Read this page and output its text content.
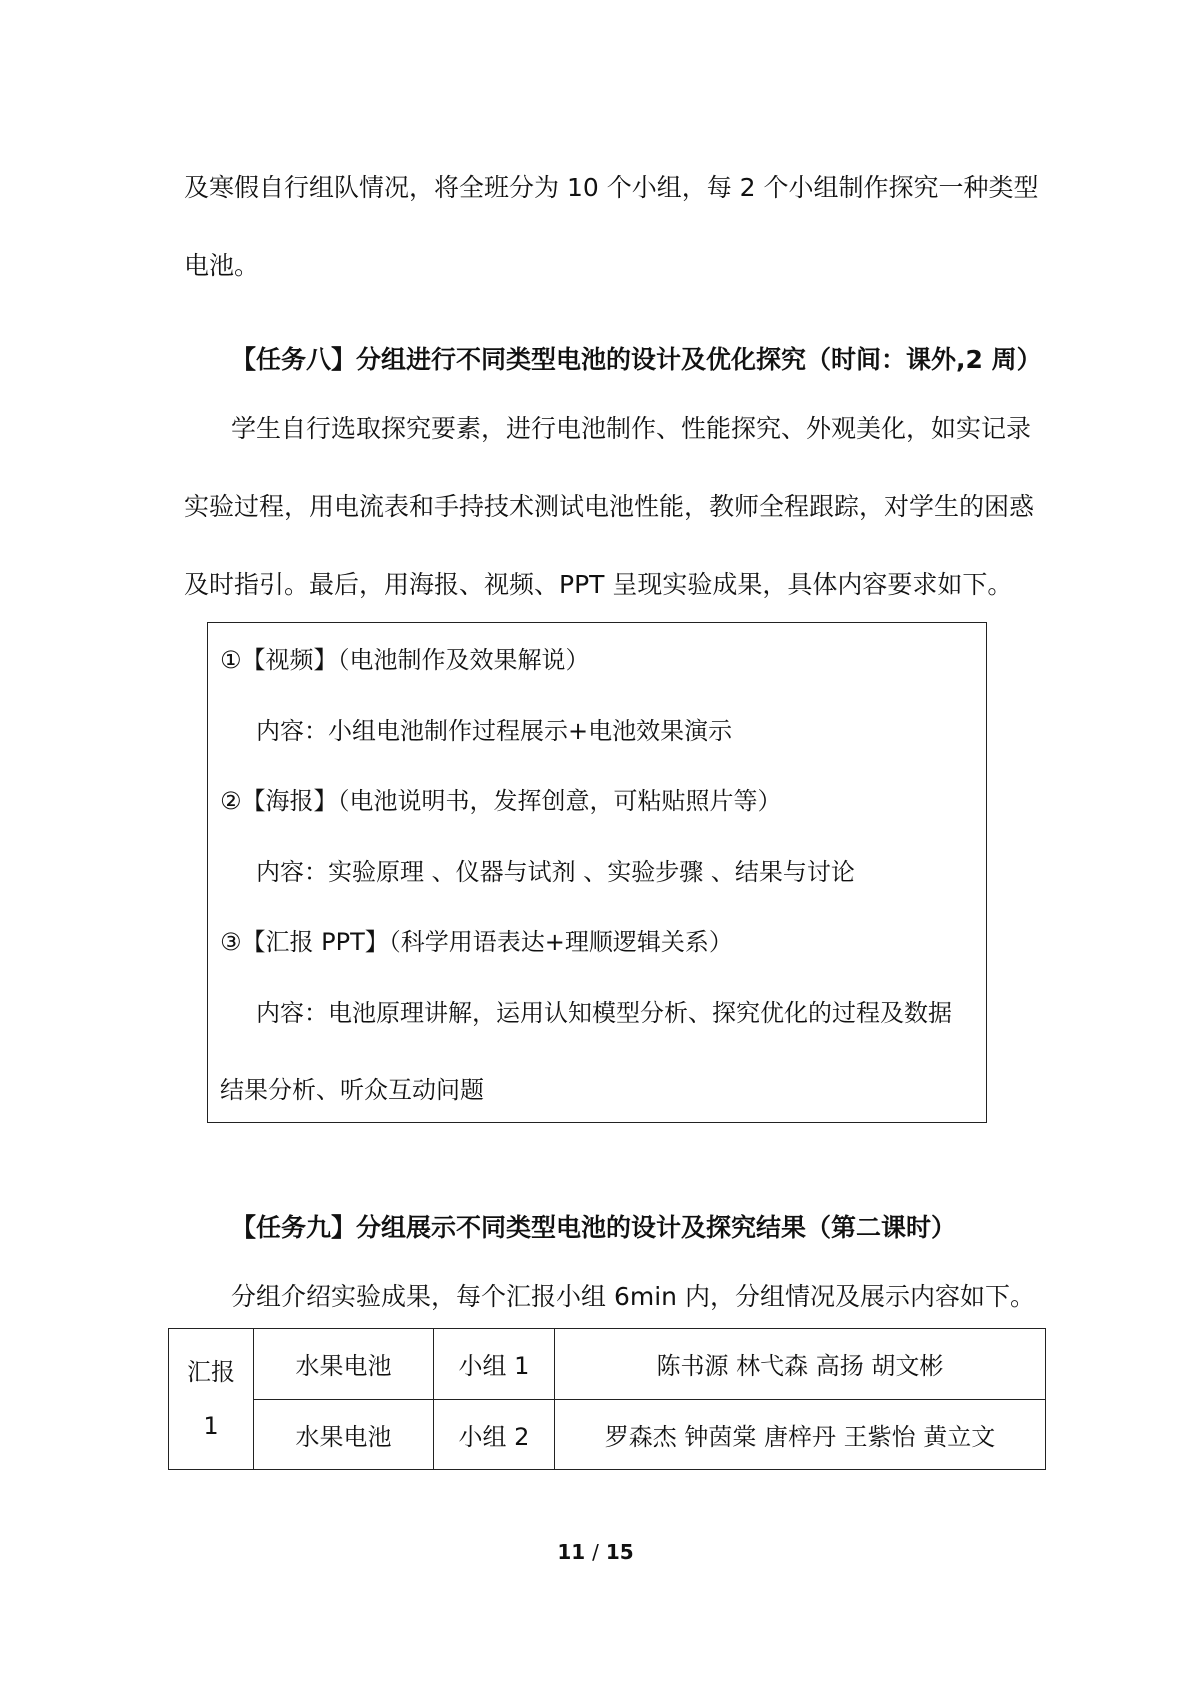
及寒假自行组队情况，将全班分为 10 个小组，每 2 个小组制作探究一种类型
电池。
【任务八】分组进行不同类型电池的设计及优化探究（时间：课外,2 周）
学生自行选取探究要素，进行电池制作、性能探究、外观美化，如实记录
实验过程，用电流表和手持技术测试电池性能，教师全程跟踪，对学生的困惑
及时指引。最后，用海报、视频、PPT 呈现实验成果，具体内容要求如下。
①【视频】（电池制作及效果解说）
内容：小组电池制作过程展示+电池效果演示
②【海报】（电池说明书，发挥创意，可粘贴照片等）
内容：实验原理 、仪器与试剂 、实验步骤 、结果与讨论
③【汇报 PPT】（科学用语表达+理顺逻辑关系）
内容：电池原理讲解，运用认知模型分析、探究优化的过程及数据
结果分析、听众互动问题
【任务九】分组展示不同类型电池的设计及探究结果（第二课时）
分组介绍实验成果，每个汇报小组 6min 内，分组情况及展示内容如下。
汇报
1	水果电池	小组 1	陈书源 林弋森 高扬 胡文彬
	水果电池	小组 2	罗森杰 钟茵棠 唐梓丹 王紫怡 黄立文
11 / 15
